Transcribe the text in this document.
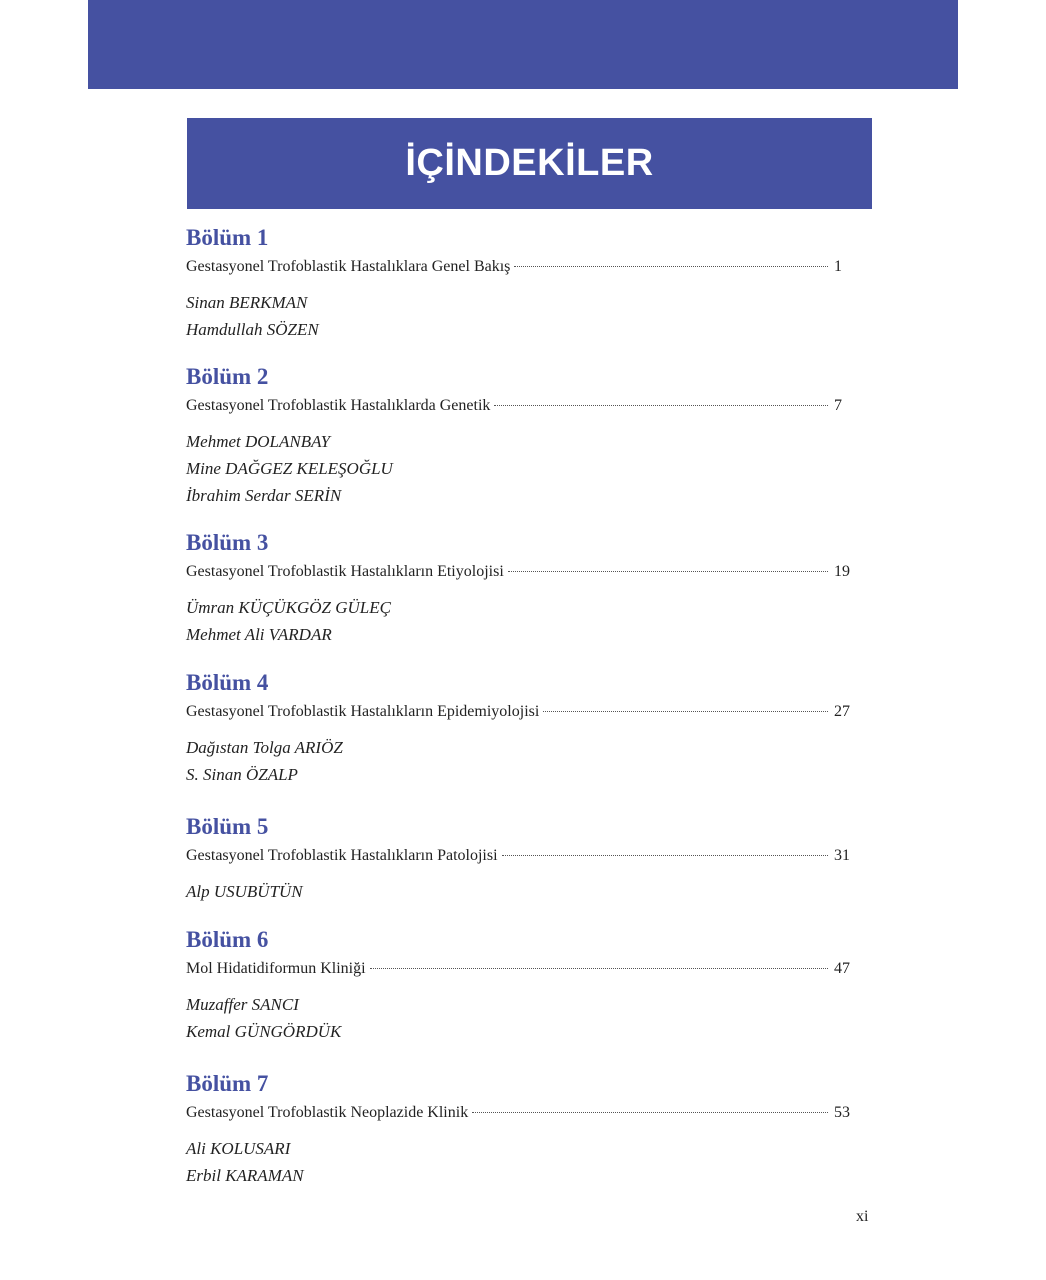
İÇİNDEKİLER
Bölüm 1
Gestasyonel Trofoblastik Hastalıklara Genel Bakış	1
Sinan BERKMAN
Hamdullah SÖZEN
Bölüm 2
Gestasyonel Trofoblastik Hastalıklarda Genetik	7
Mehmet DOLANBAY
Mine DAĞGEZ KELEŞOĞLU
İbrahim Serdar SERİN
Bölüm 3
Gestasyonel Trofoblastik Hastalıkların Etiyolojisi	19
Ümran KÜÇÜKGÖZ GÜLEÇ
Mehmet Ali VARDAR
Bölüm 4
Gestasyonel Trofoblastik Hastalıkların Epidemiyolojisi	27
Dağıstan Tolga ARIÖZ
S. Sinan ÖZALP
Bölüm 5
Gestasyonel Trofoblastik Hastalıkların Patolojisi	31
Alp USUBÜTÜN
Bölüm 6
Mol Hidatidiformun Kliniği	47
Muzaffer SANCI
Kemal GÜNGÖRDÜK
Bölüm 7
Gestasyonel Trofoblastik Neoplazide Klinik	53
Ali KOLUSARI
Erbil KARAMAN
xi
